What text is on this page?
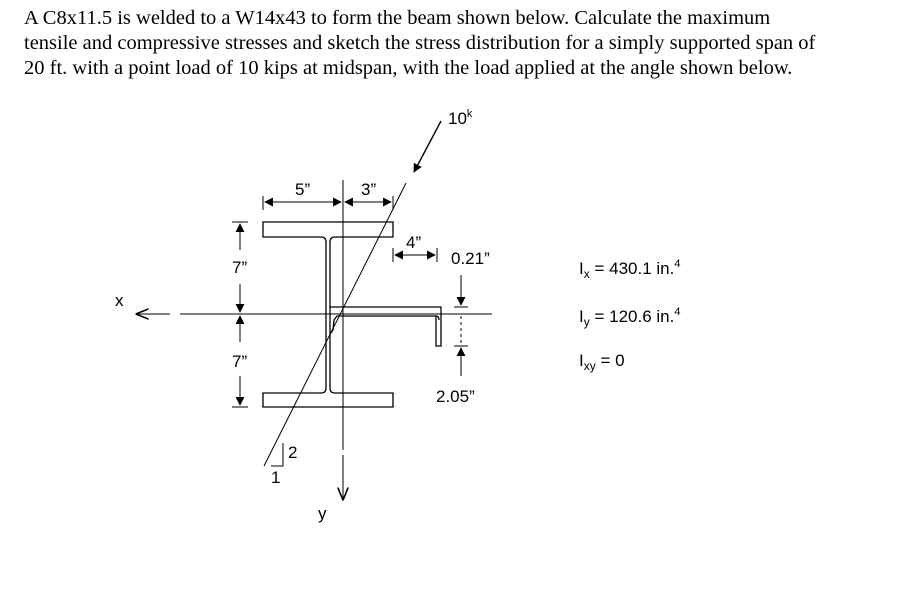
A C8x11.5 is welded to a W14x43 to form the beam shown below. Calculate the maximum
tensile and compressive stresses and sketch the stress distribution for a simply supported span of
20 ft. with a point load of 10 kips at midspan, with the load applied at the angle shown below.
x
y
10$^k$
2
1
5”	3”
4”
7”
7”
0.21”
2.05”
$I_x = 430.1$ in.$^4$
$I_y = 120.6$ in.$^4$
$I_{xy} = 0$
